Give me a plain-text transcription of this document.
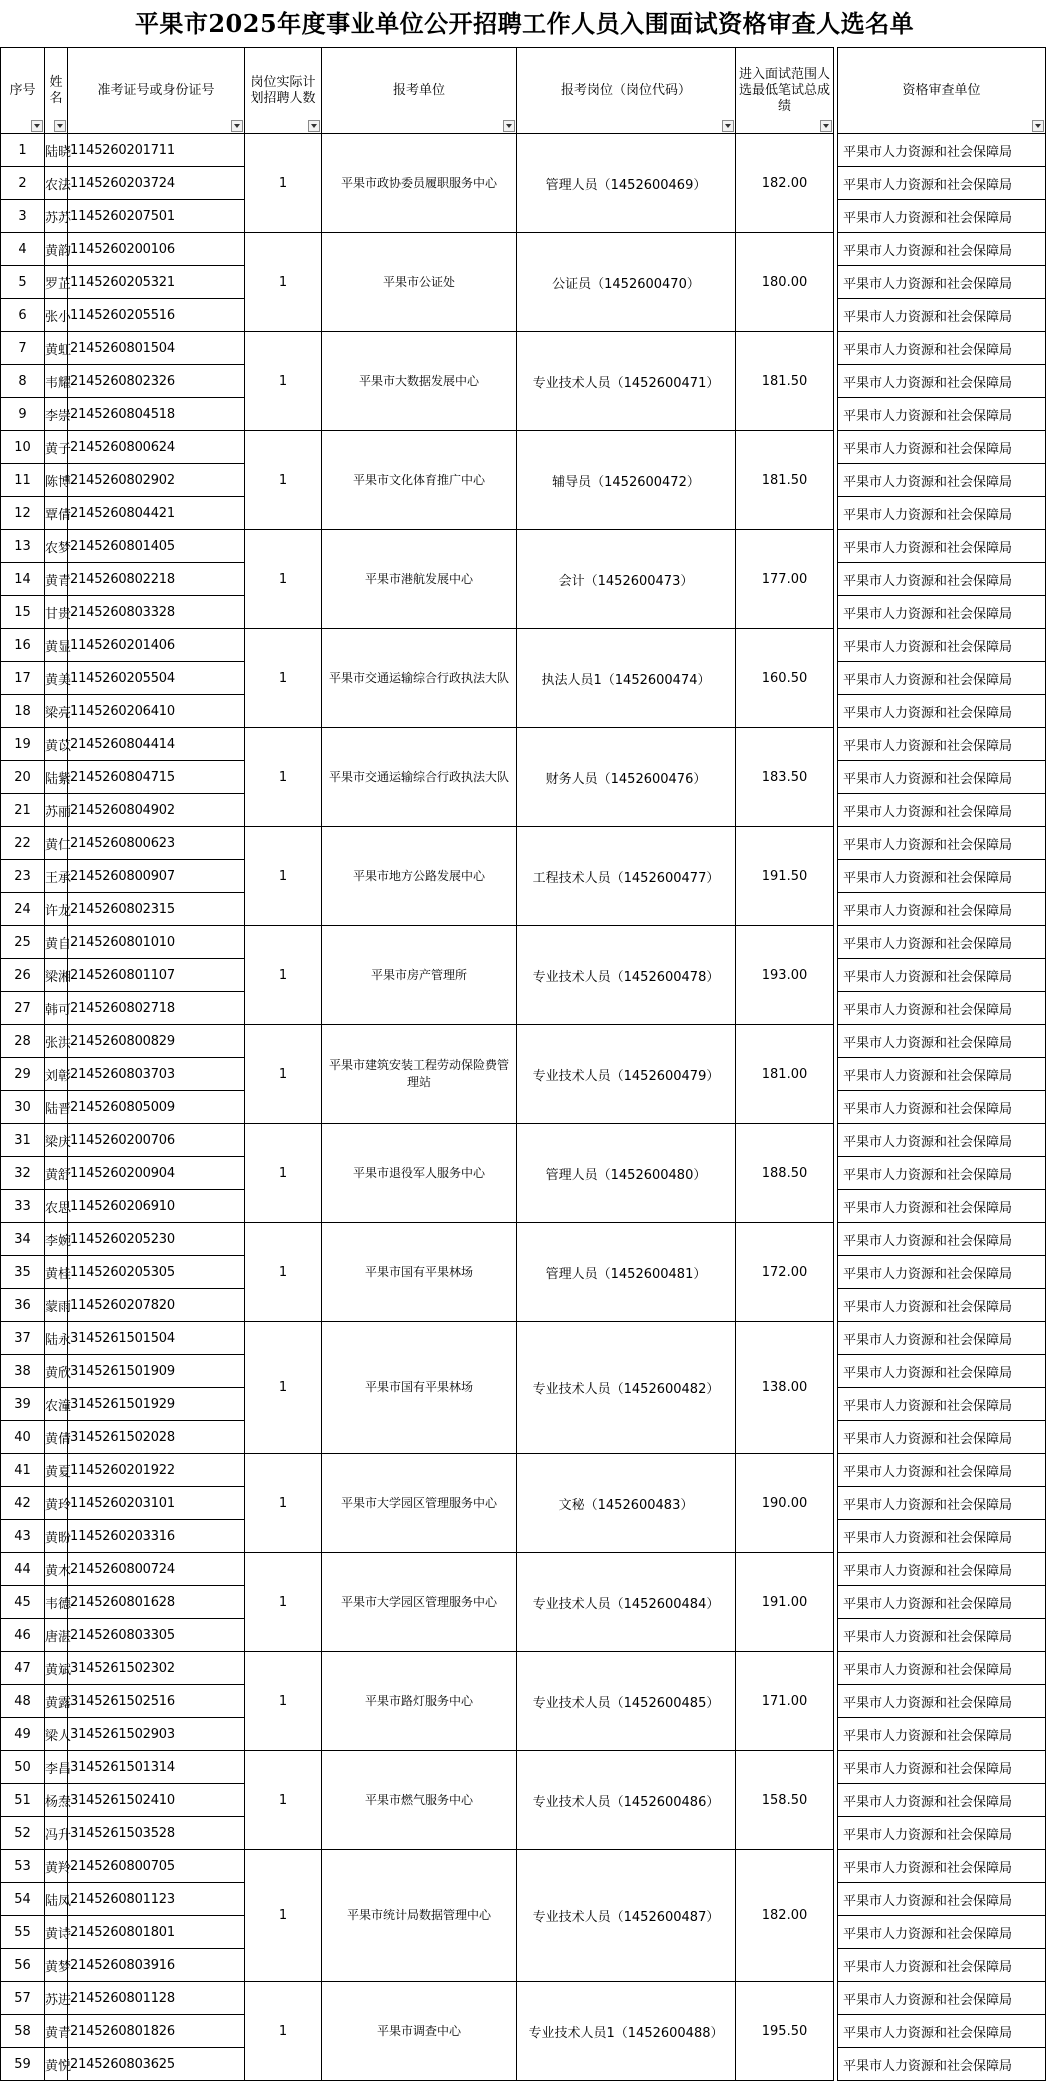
平果市2025年度事业单位公开招聘工作人员入围面试资格审查人选名单
序号	姓名	准考证号或身份证号	岗位实际计划招聘人数	报考单位	报考岗位（岗位代码）	进入面试范围人选最低笔试总成绩		资格审查单位

1	陆晓	1145260201711	1	平果市政协委员履职服务中心	管理人员（1452600469）	182.00		平果市人力资源和社会保障局
2	农法	1145260203724						平果市人力资源和社会保障局
3	苏苏	1145260207501						平果市人力资源和社会保障局
4	黄韵	1145260200106	1	平果市公证处	公证员（1452600470）	180.00		平果市人力资源和社会保障局
5	罗芷	1145260205321						平果市人力资源和社会保障局
6	张小	1145260205516						平果市人力资源和社会保障局
7	黄虹	2145260801504	1	平果市大数据发展中心	专业技术人员（1452600471）	181.50		平果市人力资源和社会保障局
8	韦耀	2145260802326						平果市人力资源和社会保障局
9	李崇	2145260804518						平果市人力资源和社会保障局
10	黄子	2145260800624	1	平果市文化体育推广中心	辅导员（1452600472）	181.50		平果市人力资源和社会保障局
11	陈博	2145260802902						平果市人力资源和社会保障局
12	覃倩	2145260804421						平果市人力资源和社会保障局
13	农梦	2145260801405	1	平果市港航发展中心	会计（1452600473）	177.00		平果市人力资源和社会保障局
14	黄青	2145260802218						平果市人力资源和社会保障局
15	甘贵	2145260803328						平果市人力资源和社会保障局
16	黄显	1145260201406	1	平果市交通运输综合行政执法大队	执法人员1（1452600474）	160.50		平果市人力资源和社会保障局
17	黄美	1145260205504						平果市人力资源和社会保障局
18	梁亮	1145260206410						平果市人力资源和社会保障局
19	黄苡	2145260804414	1	平果市交通运输综合行政执法大队	财务人员（1452600476）	183.50		平果市人力资源和社会保障局
20	陆紫	2145260804715						平果市人力资源和社会保障局
21	苏丽	2145260804902						平果市人力资源和社会保障局
22	黄仁	2145260800623	1	平果市地方公路发展中心	工程技术人员（1452600477）	191.50		平果市人力资源和社会保障局
23	王承	2145260800907						平果市人力资源和社会保障局
24	许龙	2145260802315						平果市人力资源和社会保障局
25	黄自	2145260801010	1	平果市房产管理所	专业技术人员（1452600478）	193.00		平果市人力资源和社会保障局
26	梁湘	2145260801107						平果市人力资源和社会保障局
27	韩可	2145260802718						平果市人力资源和社会保障局
28	张洪	2145260800829	1	平果市建筑安装工程劳动保险费管理站	专业技术人员（1452600479）	181.00		平果市人力资源和社会保障局
29	刘彰	2145260803703						平果市人力资源和社会保障局
30	陆晋	2145260805009						平果市人力资源和社会保障局
31	梁庆	1145260200706	1	平果市退役军人服务中心	管理人员（1452600480）	188.50		平果市人力资源和社会保障局
32	黄舒	1145260200904						平果市人力资源和社会保障局
33	农思	1145260206910						平果市人力资源和社会保障局
34	李婉	1145260205230	1	平果市国有平果林场	管理人员（1452600481）	172.00		平果市人力资源和社会保障局
35	黄桂	1145260205305						平果市人力资源和社会保障局
36	蒙雨	1145260207820						平果市人力资源和社会保障局
37	陆永	3145261501504	1	平果市国有平果林场	专业技术人员（1452600482）	138.00		平果市人力资源和社会保障局
38	黄欣	3145261501909						平果市人力资源和社会保障局
39	农潼	3145261501929						平果市人力资源和社会保障局
40	黄倩	3145261502028						平果市人力资源和社会保障局
41	黄夏	1145260201922	1	平果市大学园区管理服务中心	文秘（1452600483）	190.00		平果市人力资源和社会保障局
42	黄玲	1145260203101						平果市人力资源和社会保障局
43	黄盼	1145260203316						平果市人力资源和社会保障局
44	黄木	2145260800724	1	平果市大学园区管理服务中心	专业技术人员（1452600484）	191.00		平果市人力资源和社会保障局
45	韦德	2145260801628						平果市人力资源和社会保障局
46	唐湛	2145260803305						平果市人力资源和社会保障局
47	黄斌	3145261502302	1	平果市路灯服务中心	专业技术人员（1452600485）	171.00		平果市人力资源和社会保障局
48	黄露	3145261502516						平果市人力资源和社会保障局
49	梁人	3145261502903						平果市人力资源和社会保障局
50	李昌	3145261501314	1	平果市燃气服务中心	专业技术人员（1452600486）	158.50		平果市人力资源和社会保障局
51	杨焘	3145261502410						平果市人力资源和社会保障局
52	冯升	3145261503528						平果市人力资源和社会保障局
53	黄羚	2145260800705	1	平果市统计局数据管理中心	专业技术人员（1452600487）	182.00		平果市人力资源和社会保障局
54	陆凤	2145260801123						平果市人力资源和社会保障局
55	黄诗	2145260801801						平果市人力资源和社会保障局
56	黄梦	2145260803916						平果市人力资源和社会保障局
57	苏进	2145260801128	1	平果市调查中心	专业技术人员1（1452600488）	195.50		平果市人力资源和社会保障局
58	黄青	2145260801826						平果市人力资源和社会保障局
59	黄悦	2145260803625						平果市人力资源和社会保障局
